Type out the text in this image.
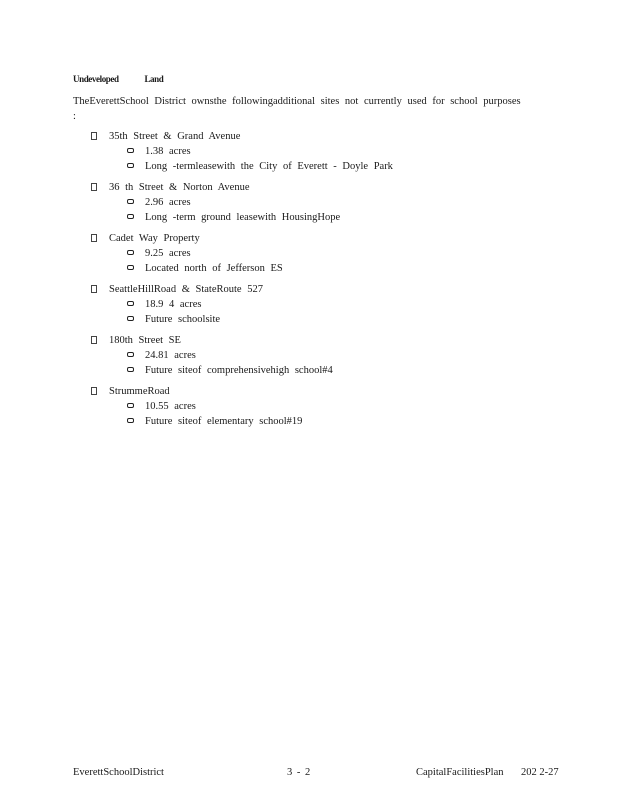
Undeveloped Land
TheEverettSchool District ownsthe followingadditional sites not currently used for school purposes :
35th Street & Grand Avenue
1.38 acres
Long -termleasewith the City of Everett - Doyle Park
36 th Street & Norton Avenue
2.96 acres
Long -term ground leasewith HousingHope
Cadet Way Property
9.25 acres
Located north of Jefferson ES
SeattleHillRoad & StateRoute 527
18.9 4 acres
Future schoolsite
180th Street SE
24.81 acres
Future siteof comprehensivehigh school#4
StrummeRoad
10.55 acres
Future siteof elementary school#19
EverettSchoolDistrict	3 - 2	CapitalFacilitiesPlan 202 2-27
